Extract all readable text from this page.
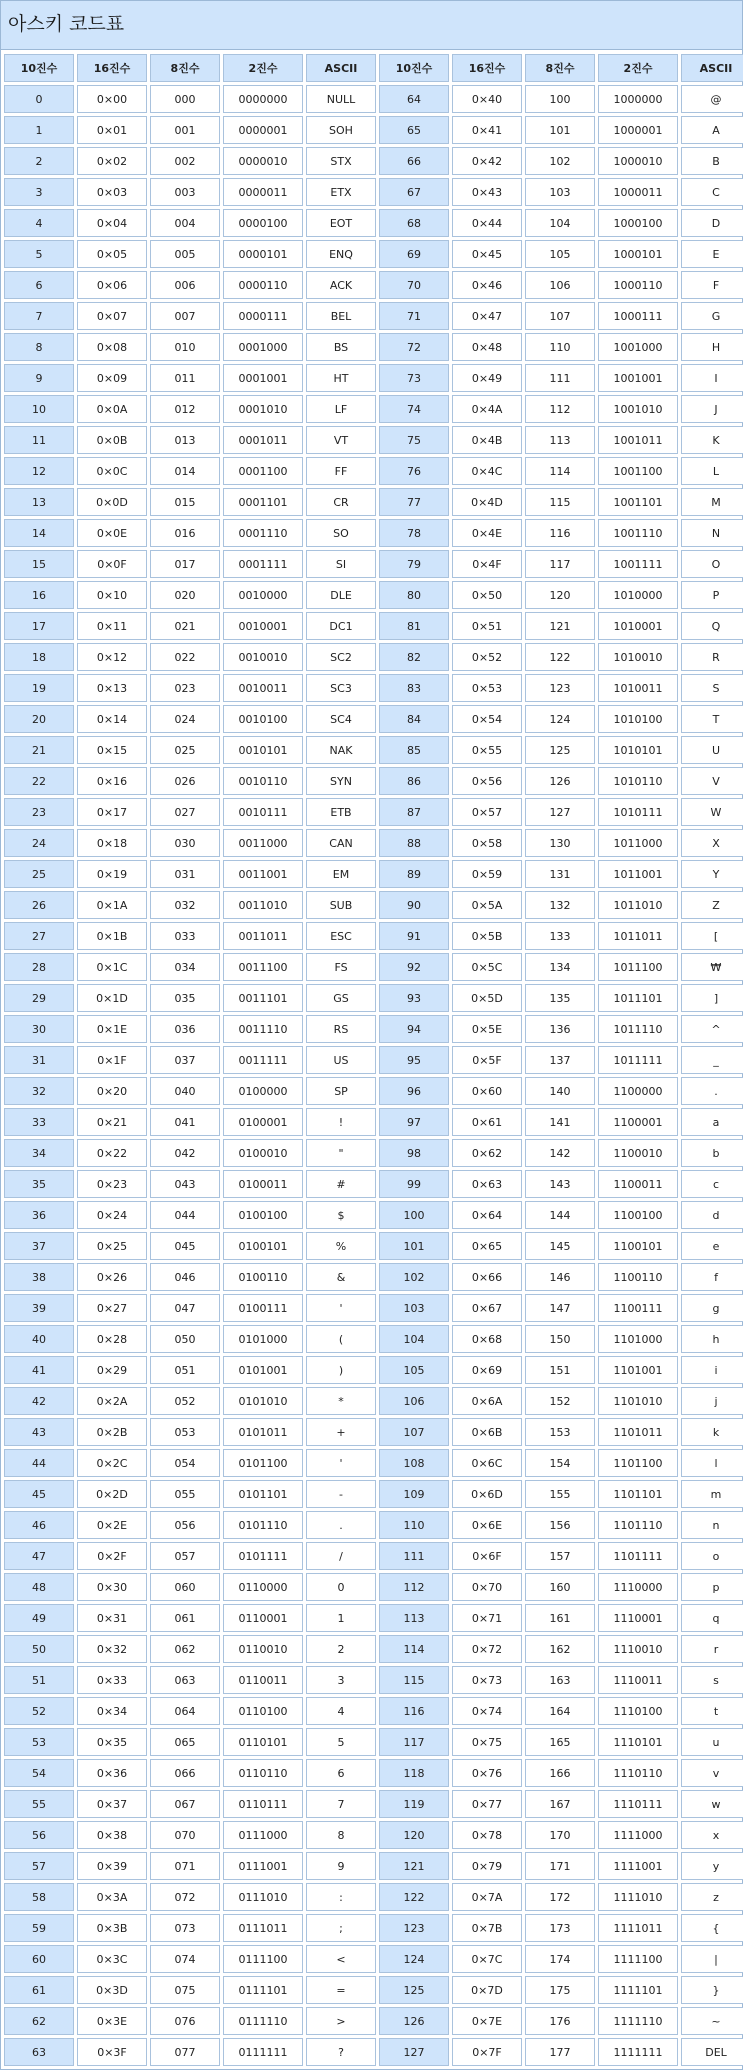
아스키 코드표
10진수	16진수	8진수	2진수	ASCII	10진수	16진수	8진수	2진수	ASCII
0	0×00	000	0000000	NULL	64	0×40	100	1000000	@
1	0×01	001	0000001	SOH	65	0×41	101	1000001	A
2	0×02	002	0000010	STX	66	0×42	102	1000010	B
3	0×03	003	0000011	ETX	67	0×43	103	1000011	C
4	0×04	004	0000100	EOT	68	0×44	104	1000100	D
5	0×05	005	0000101	ENQ	69	0×45	105	1000101	E
6	0×06	006	0000110	ACK	70	0×46	106	1000110	F
7	0×07	007	0000111	BEL	71	0×47	107	1000111	G
8	0×08	010	0001000	BS	72	0×48	110	1001000	H
9	0×09	011	0001001	HT	73	0×49	111	1001001	I
10	0×0A	012	0001010	LF	74	0×4A	112	1001010	J
11	0×0B	013	0001011	VT	75	0×4B	113	1001011	K
12	0×0C	014	0001100	FF	76	0×4C	114	1001100	L
13	0×0D	015	0001101	CR	77	0×4D	115	1001101	M
14	0×0E	016	0001110	SO	78	0×4E	116	1001110	N
15	0×0F	017	0001111	SI	79	0×4F	117	1001111	O
16	0×10	020	0010000	DLE	80	0×50	120	1010000	P
17	0×11	021	0010001	DC1	81	0×51	121	1010001	Q
18	0×12	022	0010010	SC2	82	0×52	122	1010010	R
19	0×13	023	0010011	SC3	83	0×53	123	1010011	S
20	0×14	024	0010100	SC4	84	0×54	124	1010100	T
21	0×15	025	0010101	NAK	85	0×55	125	1010101	U
22	0×16	026	0010110	SYN	86	0×56	126	1010110	V
23	0×17	027	0010111	ETB	87	0×57	127	1010111	W
24	0×18	030	0011000	CAN	88	0×58	130	1011000	X
25	0×19	031	0011001	EM	89	0×59	131	1011001	Y
26	0×1A	032	0011010	SUB	90	0×5A	132	1011010	Z
27	0×1B	033	0011011	ESC	91	0×5B	133	1011011	[
28	0×1C	034	0011100	FS	92	0×5C	134	1011100	₩
29	0×1D	035	0011101	GS	93	0×5D	135	1011101	]
30	0×1E	036	0011110	RS	94	0×5E	136	1011110	^
31	0×1F	037	0011111	US	95	0×5F	137	1011111	_
32	0×20	040	0100000	SP	96	0×60	140	1100000	.
33	0×21	041	0100001	!	97	0×61	141	1100001	a
34	0×22	042	0100010	"	98	0×62	142	1100010	b
35	0×23	043	0100011	#	99	0×63	143	1100011	c
36	0×24	044	0100100	$	100	0×64	144	1100100	d
37	0×25	045	0100101	%	101	0×65	145	1100101	e
38	0×26	046	0100110	&	102	0×66	146	1100110	f
39	0×27	047	0100111	'	103	0×67	147	1100111	g
40	0×28	050	0101000	(	104	0×68	150	1101000	h
41	0×29	051	0101001	)	105	0×69	151	1101001	i
42	0×2A	052	0101010	*	106	0×6A	152	1101010	j
43	0×2B	053	0101011	+	107	0×6B	153	1101011	k
44	0×2C	054	0101100	'	108	0×6C	154	1101100	l
45	0×2D	055	0101101	-	109	0×6D	155	1101101	m
46	0×2E	056	0101110	.	110	0×6E	156	1101110	n
47	0×2F	057	0101111	/	111	0×6F	157	1101111	o
48	0×30	060	0110000	0	112	0×70	160	1110000	p
49	0×31	061	0110001	1	113	0×71	161	1110001	q
50	0×32	062	0110010	2	114	0×72	162	1110010	r
51	0×33	063	0110011	3	115	0×73	163	1110011	s
52	0×34	064	0110100	4	116	0×74	164	1110100	t
53	0×35	065	0110101	5	117	0×75	165	1110101	u
54	0×36	066	0110110	6	118	0×76	166	1110110	v
55	0×37	067	0110111	7	119	0×77	167	1110111	w
56	0×38	070	0111000	8	120	0×78	170	1111000	x
57	0×39	071	0111001	9	121	0×79	171	1111001	y
58	0×3A	072	0111010	:	122	0×7A	172	1111010	z
59	0×3B	073	0111011	;	123	0×7B	173	1111011	{
60	0×3C	074	0111100	<	124	0×7C	174	1111100	|
61	0×3D	075	0111101	=	125	0×7D	175	1111101	}
62	0×3E	076	0111110	>	126	0×7E	176	1111110	~
63	0×3F	077	0111111	?	127	0×7F	177	1111111	DEL
